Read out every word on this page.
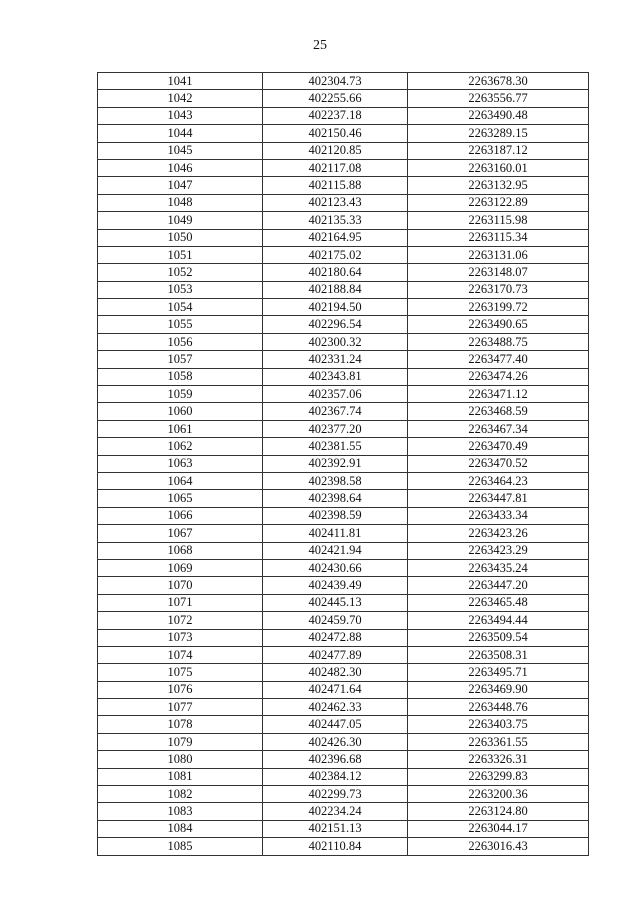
25
1041	402304.73	2263678.30
1042	402255.66	2263556.77
1043	402237.18	2263490.48
1044	402150.46	2263289.15
1045	402120.85	2263187.12
1046	402117.08	2263160.01
1047	402115.88	2263132.95
1048	402123.43	2263122.89
1049	402135.33	2263115.98
1050	402164.95	2263115.34
1051	402175.02	2263131.06
1052	402180.64	2263148.07
1053	402188.84	2263170.73
1054	402194.50	2263199.72
1055	402296.54	2263490.65
1056	402300.32	2263488.75
1057	402331.24	2263477.40
1058	402343.81	2263474.26
1059	402357.06	2263471.12
1060	402367.74	2263468.59
1061	402377.20	2263467.34
1062	402381.55	2263470.49
1063	402392.91	2263470.52
1064	402398.58	2263464.23
1065	402398.64	2263447.81
1066	402398.59	2263433.34
1067	402411.81	2263423.26
1068	402421.94	2263423.29
1069	402430.66	2263435.24
1070	402439.49	2263447.20
1071	402445.13	2263465.48
1072	402459.70	2263494.44
1073	402472.88	2263509.54
1074	402477.89	2263508.31
1075	402482.30	2263495.71
1076	402471.64	2263469.90
1077	402462.33	2263448.76
1078	402447.05	2263403.75
1079	402426.30	2263361.55
1080	402396.68	2263326.31
1081	402384.12	2263299.83
1082	402299.73	2263200.36
1083	402234.24	2263124.80
1084	402151.13	2263044.17
1085	402110.84	2263016.43
